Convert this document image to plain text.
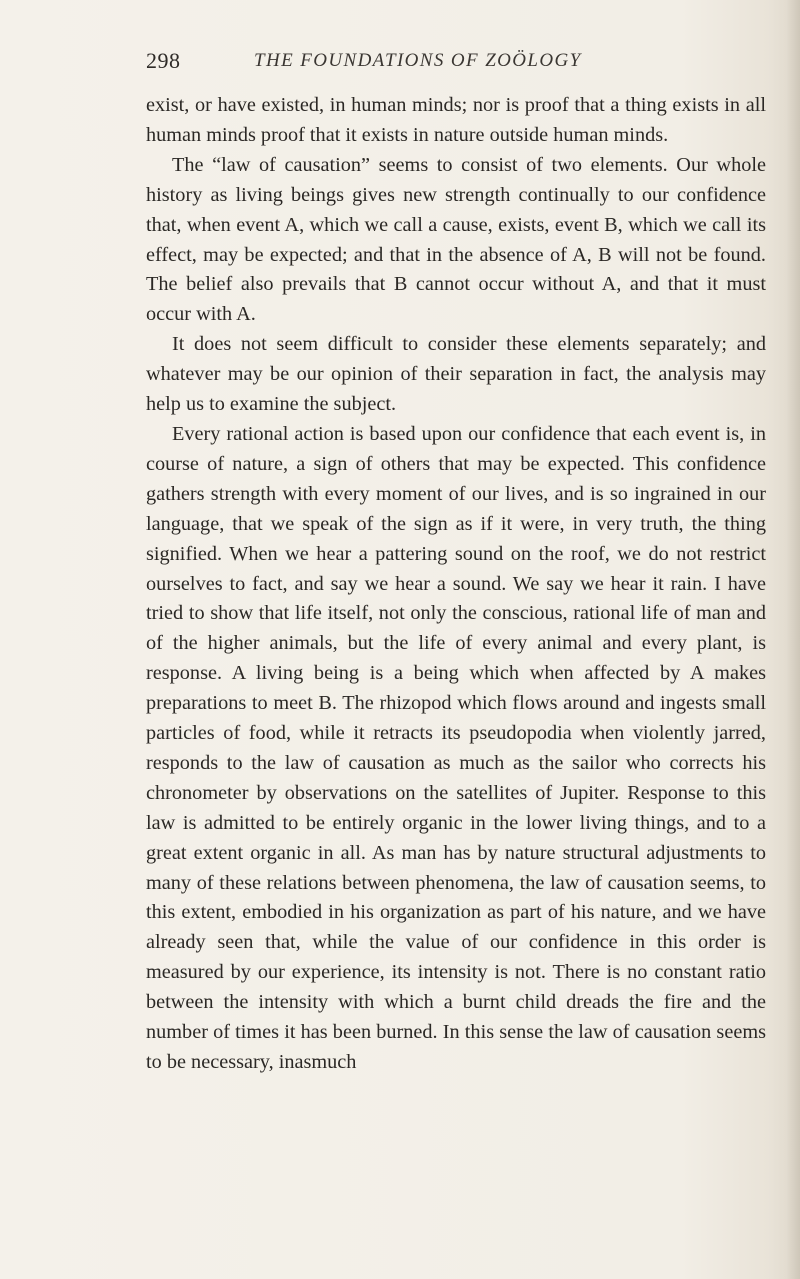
298	THE FOUNDATIONS OF ZOÖLOGY

exist, or have existed, in human minds; nor is proof that a thing exists in all human minds proof that it exists in nature outside human minds.

The “law of causation” seems to consist of two elements. Our whole history as living beings gives new strength continually to our confidence that, when event A, which we call a cause, exists, event B, which we call its effect, may be expected; and that in the absence of A, B will not be found. The belief also prevails that B cannot occur without A, and that it must occur with A.

It does not seem difficult to consider these elements separately; and whatever may be our opinion of their separation in fact, the analysis may help us to examine the subject.

Every rational action is based upon our confidence that each event is, in course of nature, a sign of others that may be expected. This confidence gathers strength with every moment of our lives, and is so ingrained in our language, that we speak of the sign as if it were, in very truth, the thing signified. When we hear a pattering sound on the roof, we do not restrict ourselves to fact, and say we hear a sound. We say we hear it rain. I have tried to show that life itself, not only the conscious, rational life of man and of the higher animals, but the life of every animal and every plant, is response. A living being is a being which when affected by A makes preparations to meet B. The rhizopod which flows around and ingests small particles of food, while it retracts its pseudopodia when violently jarred, responds to the law of causation as much as the sailor who corrects his chronometer by observations on the satellites of Jupiter. Response to this law is admitted to be entirely organic in the lower living things, and to a great extent organic in all. As man has by nature structural adjustments to many of these relations between phenomena, the law of causation seems, to this extent, embodied in his organization as part of his nature, and we have already seen that, while the value of our confidence in this order is measured by our experience, its intensity is not. There is no constant ratio between the intensity with which a burnt child dreads the fire and the number of times it has been burned. In this sense the law of causation seems to be necessary, inasmuch
